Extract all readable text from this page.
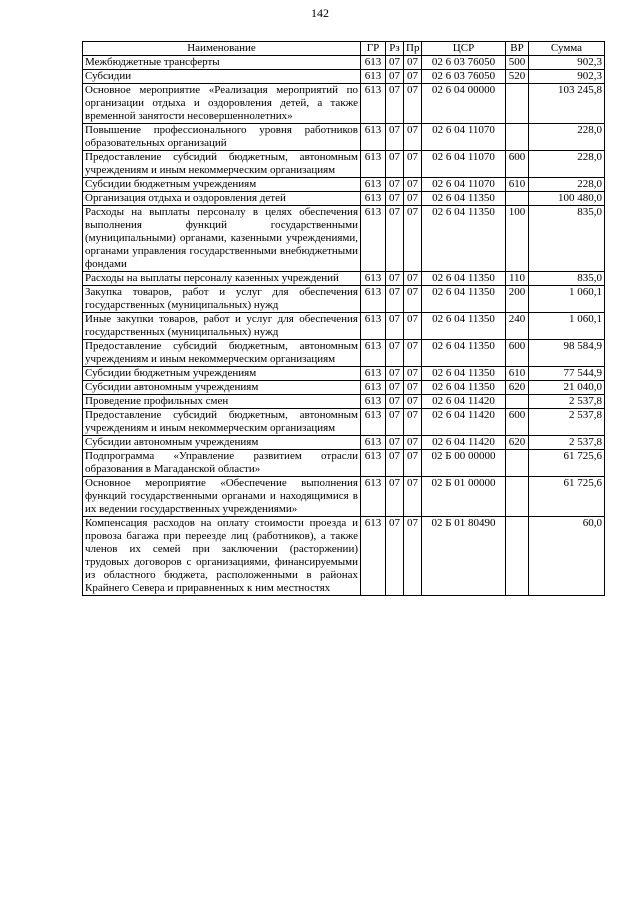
142
Наименование	ГР	Рз	Пр	ЦСР	ВР	Сумма
Межбюджетные трансферты	613	07	07	02 6 03 76050	500	902,3

Субсидии	613	07	07	02 6 03 76050	520	902,3

Основное мероприятие «Реализация мероприятий по организации отдыха и оздоровления детей, а также временной занятости несовершеннолетних»	613	07	07	02 6 04 00000		103 245,8

Повышение профессионального уровня работников образовательных организаций	613	07	07	02 6 04 11070		228,0

Предоставление субсидий бюджетным, автономным учреждениям и иным некоммерческим организациям	613	07	07	02 6 04 11070	600	228,0

Субсидии бюджетным учреждениям	613	07	07	02 6 04 11070	610	228,0

Организация отдыха и оздоровления детей	613	07	07	02 6 04 11350		100 480,0

Расходы на выплаты персоналу в целях обеспечения выполнения функций государственными (муниципальными) органами, казенными учреждениями, органами управления государственными внебюджетными фондами	613	07	07	02 6 04 11350	100	835,0

Расходы на выплаты персоналу казенных учреждений	613	07	07	02 6 04 11350	110	835,0

Закупка товаров, работ и услуг для обеспечения государственных (муниципальных) нужд	613	07	07	02 6 04 11350	200	1 060,1

Иные закупки товаров, работ и услуг для обеспечения государственных (муниципальных) нужд	613	07	07	02 6 04 11350	240	1 060,1

Предоставление субсидий бюджетным, автономным учреждениям и иным некоммерческим организациям	613	07	07	02 6 04 11350	600	98 584,9

Субсидии бюджетным учреждениям	613	07	07	02 6 04 11350	610	77 544,9

Субсидии автономным учреждениям	613	07	07	02 6 04 11350	620	21 040,0

Проведение профильных смен	613	07	07	02 6 04 11420		2 537,8

Предоставление субсидий бюджетным, автономным учреждениям и иным некоммерческим организациям	613	07	07	02 6 04 11420	600	2 537,8

Субсидии автономным учреждениям	613	07	07	02 6 04 11420	620	2 537,8

Подпрограмма «Управление развитием отрасли образования в Магаданской области»	613	07	07	02 Б 00 00000		61 725,6

Основное мероприятие «Обеспечение выполнения функций государственными органами и находящимися в их ведении государственных учреждениями»	613	07	07	02 Б 01 00000		61 725,6

Компенсация расходов на оплату стоимости проезда и провоза багажа при переезде лиц (работников), а также членов их семей при заключении (расторжении) трудовых договоров с организациями, финансируемыми из областного бюджета, расположенными в районах Крайнего Севера и приравненных к ним местностях	613	07	07	02 Б 01 80490		60,0
